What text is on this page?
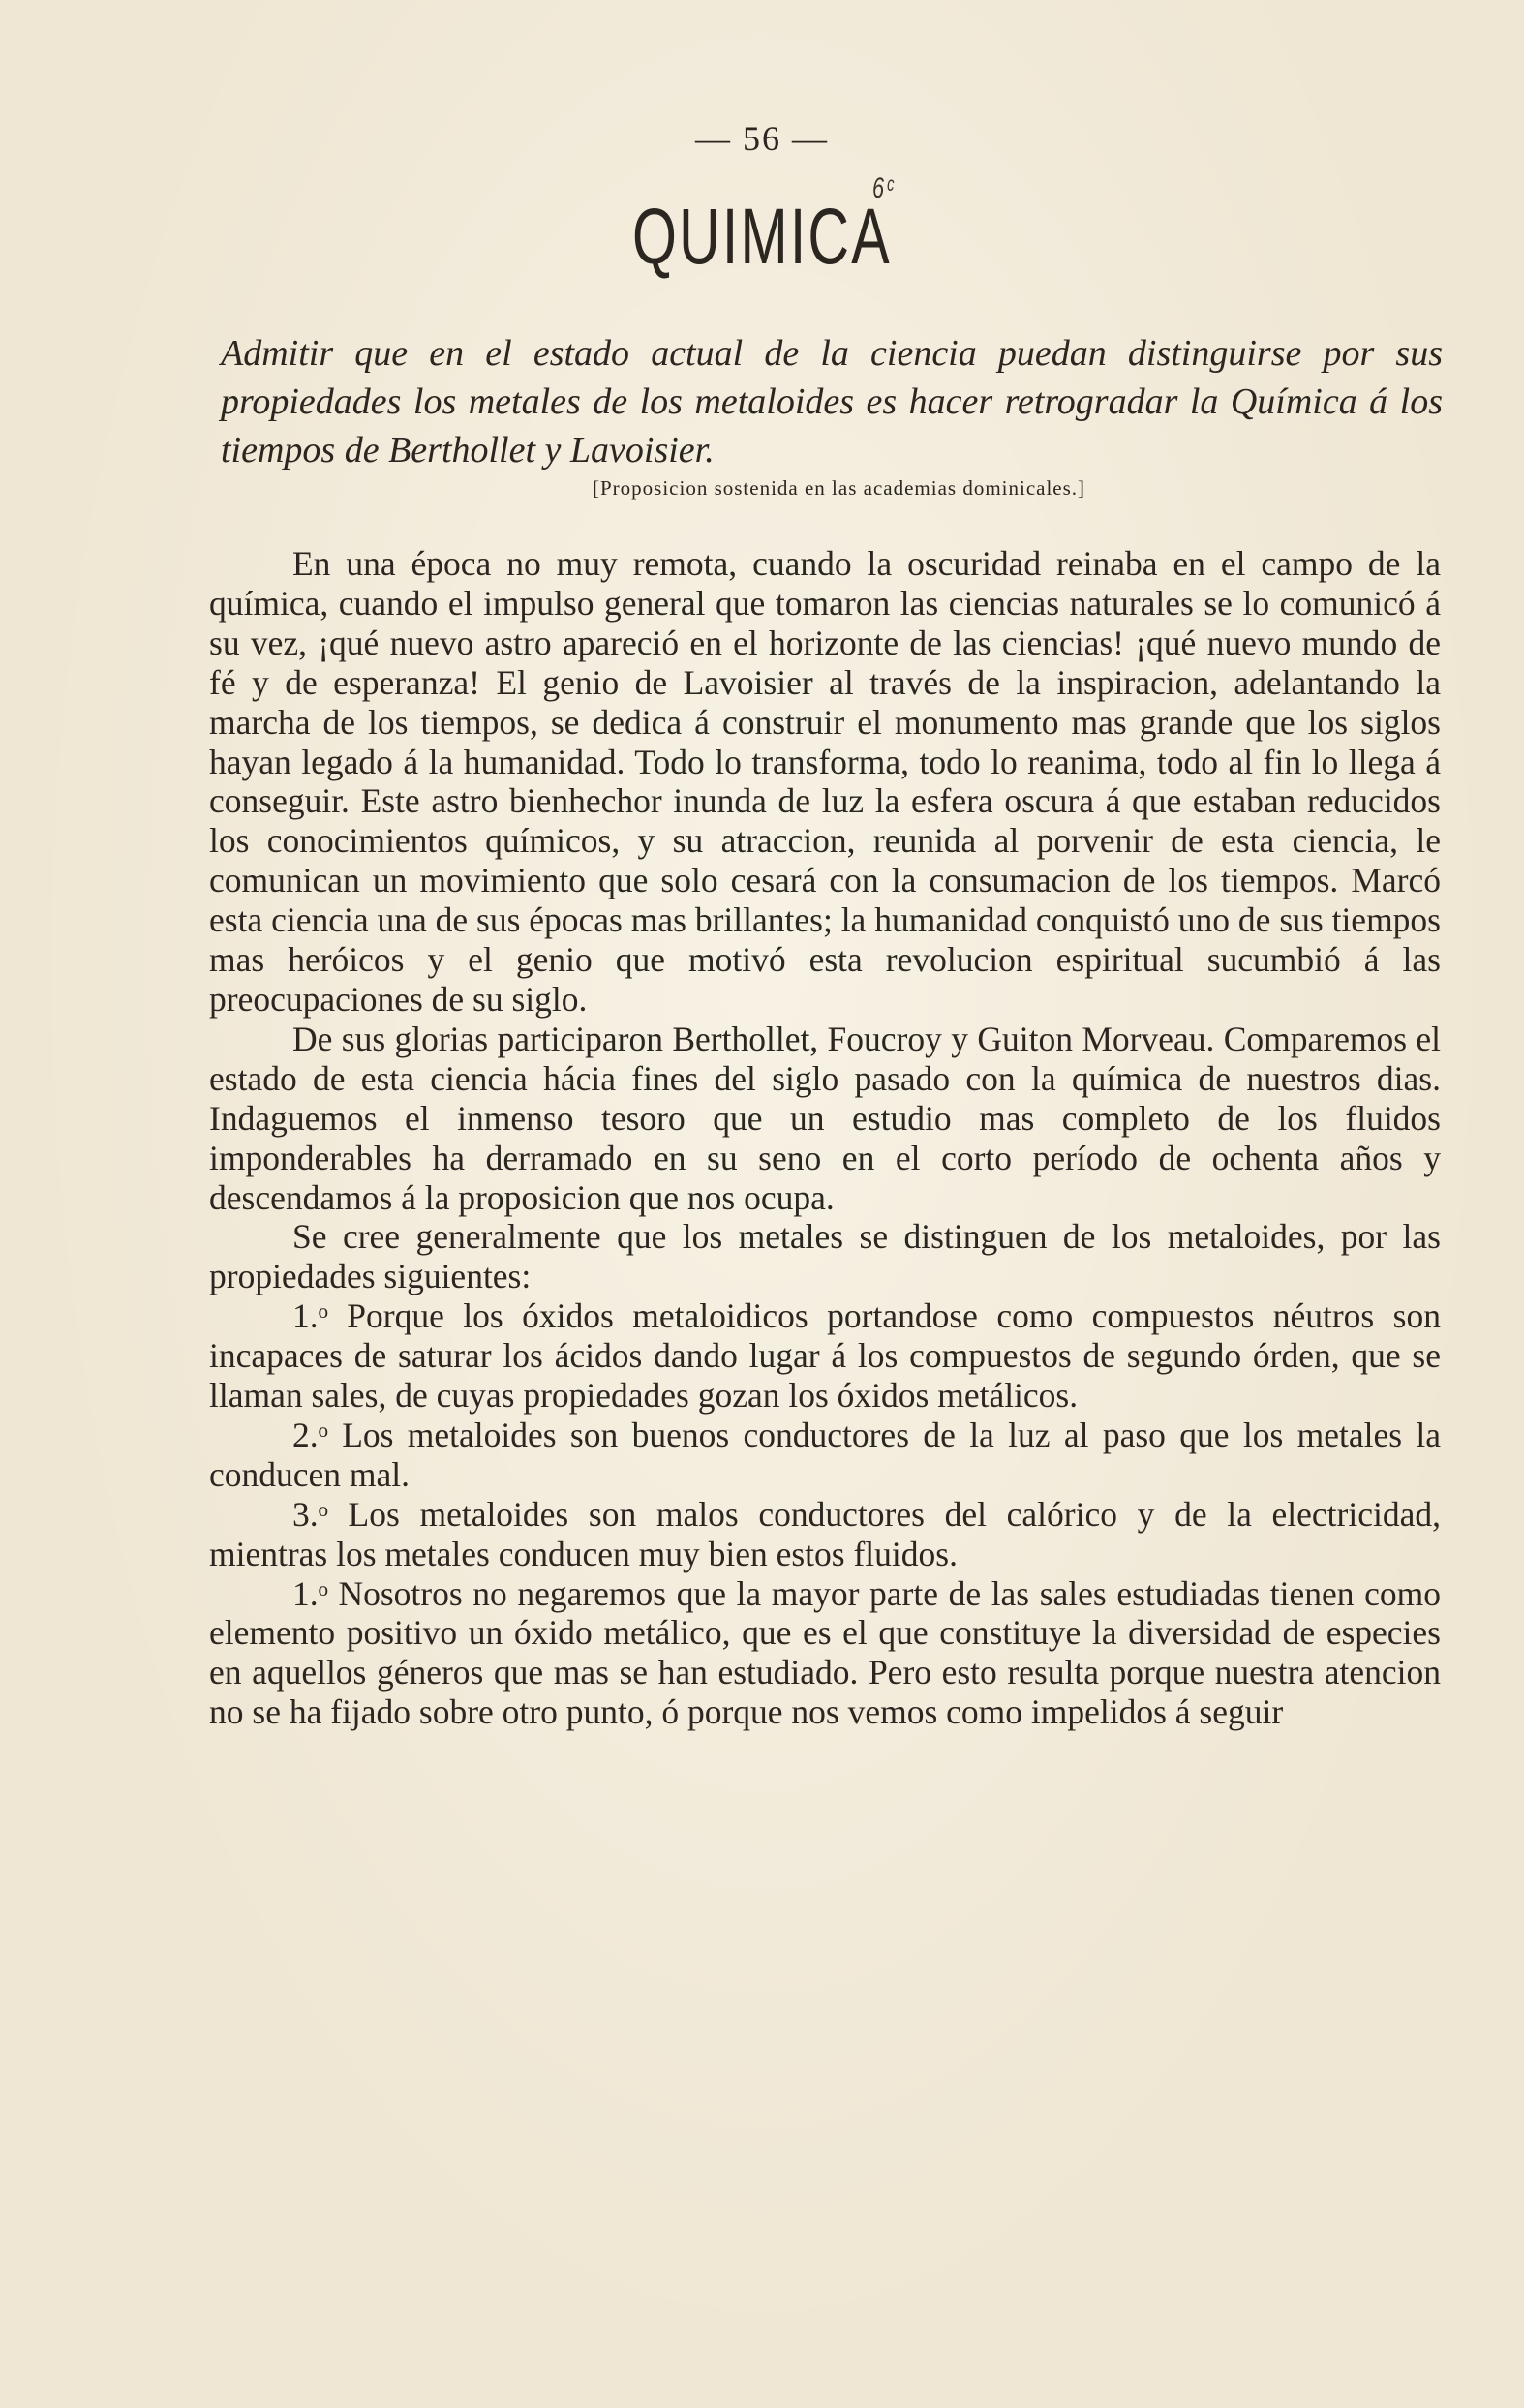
— 56 —
QUIMICA
6ᶜ
Admitir que en el estado actual de la ciencia puedan distinguirse por sus propiedades los metales de los metaloides es hacer retrogradar la Química á los tiempos de Berthollet y Lavoisier.
[Proposicion sostenida en las academias dominicales.]

En una época no muy remota, cuando la oscuridad reinaba en el campo de la química, cuando el impulso general que tomaron las ciencias naturales se lo comunicó á su vez, ¡qué nuevo astro apareció en el horizonte de las ciencias! ¡qué nuevo mundo de fé y de esperanza! El genio de Lavoisier al través de la inspiracion, adelantando la marcha de los tiempos, se dedica á construir el monumento mas grande que los siglos hayan legado á la humanidad. Todo lo transforma, todo lo reanima, todo al fin lo llega á conseguir. Este astro bienhechor inunda de luz la esfera oscura á que estaban reducidos los conocimientos químicos, y su atraccion, reunida al porvenir de esta ciencia, le comunican un movimiento que solo cesará con la consumacion de los tiempos. Marcó esta ciencia una de sus épocas mas brillantes; la humanidad conquistó uno de sus tiempos mas heróicos y el genio que motivó esta revolucion espiritual sucumbió á las preocupaciones de su siglo.

De sus glorias participaron Berthollet, Foucroy y Guiton Morveau. Comparemos el estado de esta ciencia hácia fines del siglo pasado con la química de nuestros dias. Indaguemos el inmenso tesoro que un estudio mas completo de los fluidos imponderables ha derramado en su seno en el corto período de ochenta años y descendamos á la proposicion que nos ocupa.

Se cree generalmente que los metales se distinguen de los metaloides, por las propiedades siguientes:

1.ᵒ Porque los óxidos metaloidicos portandose como compuestos néutros son incapaces de saturar los ácidos dando lugar á los compuestos de segundo órden, que se llaman sales, de cuyas propiedades gozan los óxidos metálicos.

2.ᵒ Los metaloides son buenos conductores de la luz al paso que los metales la conducen mal.

3.ᵒ Los metaloides son malos conductores del calórico y de la electricidad, mientras los metales conducen muy bien estos fluidos.

1.ᵒ Nosotros no negaremos que la mayor parte de las sales estudiadas tienen como elemento positivo un óxido metálico, que es el que constituye la diversidad de especies en aquellos géneros que mas se han estudiado. Pero esto resulta porque nuestra atencion no se ha fijado sobre otro punto, ó porque nos vemos como impelidos á seguir
